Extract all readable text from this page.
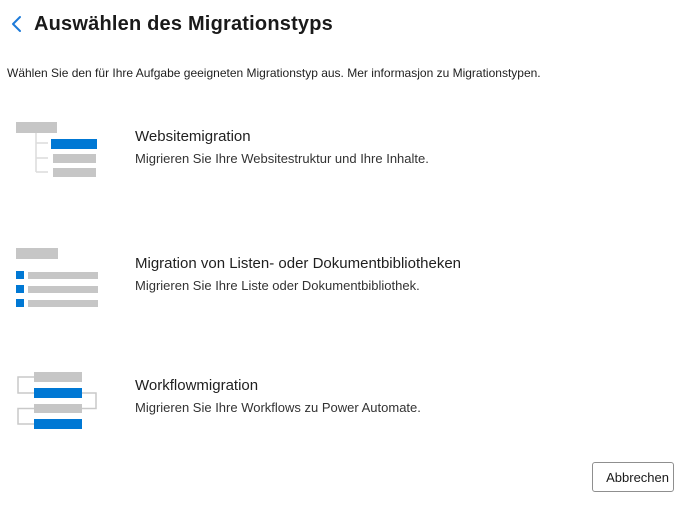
Auswählen des Migrationstyps

Wählen Sie den für Ihre Aufgabe geeigneten Migrationstyp aus. Mer informasjon zu Migrationstypen.

Websitemigration
Migrieren Sie Ihre Websitestruktur und Ihre Inhalte.
Migration von Listen- oder Dokumentbibliotheken
Migrieren Sie Ihre Liste oder Dokumentbibliothek.
Workflowmigration
Migrieren Sie Ihre Workflows zu Power Automate.
Abbrechen
